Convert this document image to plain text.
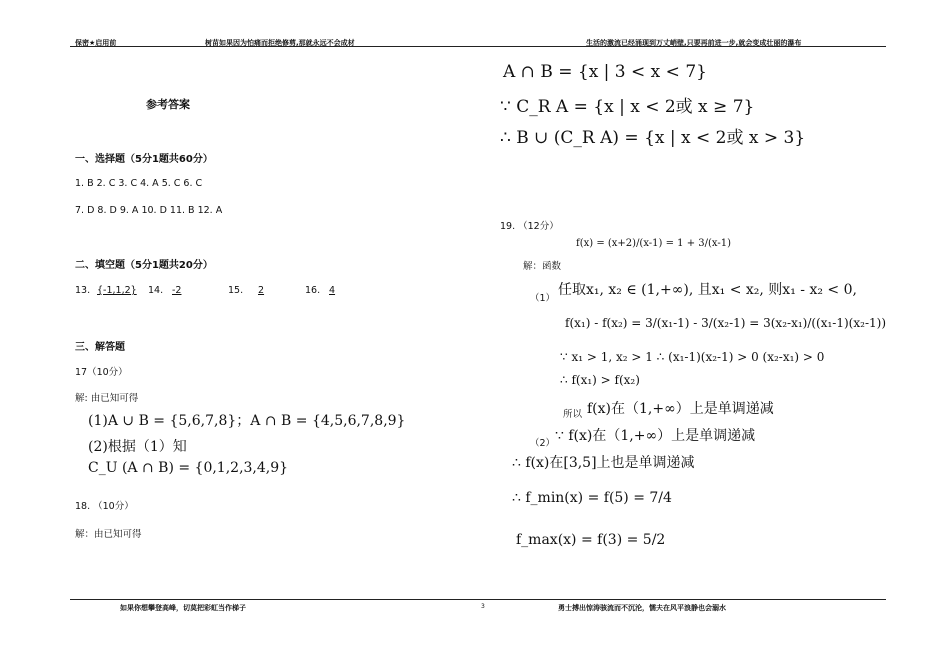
保密★启用前	树苗如果因为怕痛而拒绝修剪,那就永远不会成材	生活的激流已经涌现到万丈峭壁,只要再前进一步,就会变成壮丽的瀑布
参考答案
一、选择题（5分1题共60分）
1. B 2. C 3. C 4. A 5. C 6. C
7. D 8. D 9. A 10. D 11. B 12. A
二、填空题（5分1题共20分）
13. {-1,1,2} 14. -2	15.	2	16. 4
三、解答题
17（10分）
解: 由已知可得
(1)A ∪ B = {5,6,7,8}；A ∩ B = {4,5,6,7,8,9}
(2)根据（1）知
C_U (A ∩ B) = {0,1,2,3,4,9}
18. （10分）
解：由已知可得
A ∩ B = {x | 3 < x < 7}
∵ C_R A = {x | x < 2或 x ≥ 7}
∴ B ∪ (C_R A) = {x | x < 2或 x > 3}
19. （12分）
解：函数
f(x) = (x+2)/(x-1) = 1 + 3/(x-1)
（1）
任取x₁, x₂ ∈ (1,+∞), 且x₁ < x₂, 则x₁ - x₂ < 0,
f(x₁) - f(x₂) = 3/(x₁-1) - 3/(x₂-1) = 3(x₂-x₁)/((x₁-1)(x₂-1))
∵ x₁ > 1, x₂ > 1 ∴ (x₁-1)(x₂-1) > 0 (x₂-x₁) > 0
∴ f(x₁) > f(x₂)
所以 f(x)在（1,+∞）上是单调递减
（2） ∵ f(x)在（1,+∞）上是单调递减
∴ f(x)在[3,5]上也是单调递减
∴ f_min(x) = f(5) = 7/4
f_max(x) = f(3) = 5/2
如果你想攀登高峰，切莫把彩虹当作梯子	3	勇士搏出惊涛骇流而不沉沦，懦夫在风平浪静也会溺水
